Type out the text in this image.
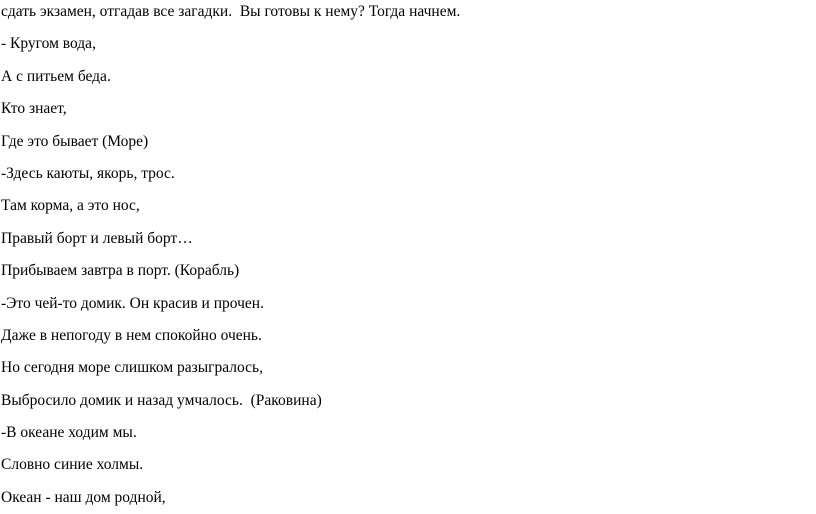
сдать экзамен, отгадав все загадки.  Вы готовы к нему? Тогда начнем.
- Кругом вода,
А с питьем беда.
Кто знает,
Где это бывает (Море)
-Здесь каюты, якорь, трос.
Там корма, а это нос,
Правый борт и левый борт…
Прибываем завтра в порт. (Корабль)
-Это чей-то домик. Он красив и прочен.
Даже в непогоду в нем спокойно очень.
Но сегодня море слишком разыгралось,
Выбросило домик и назад умчалось.  (Раковина)
-В океане ходим мы.
Словно синие холмы.
Океан - наш дом родной,
